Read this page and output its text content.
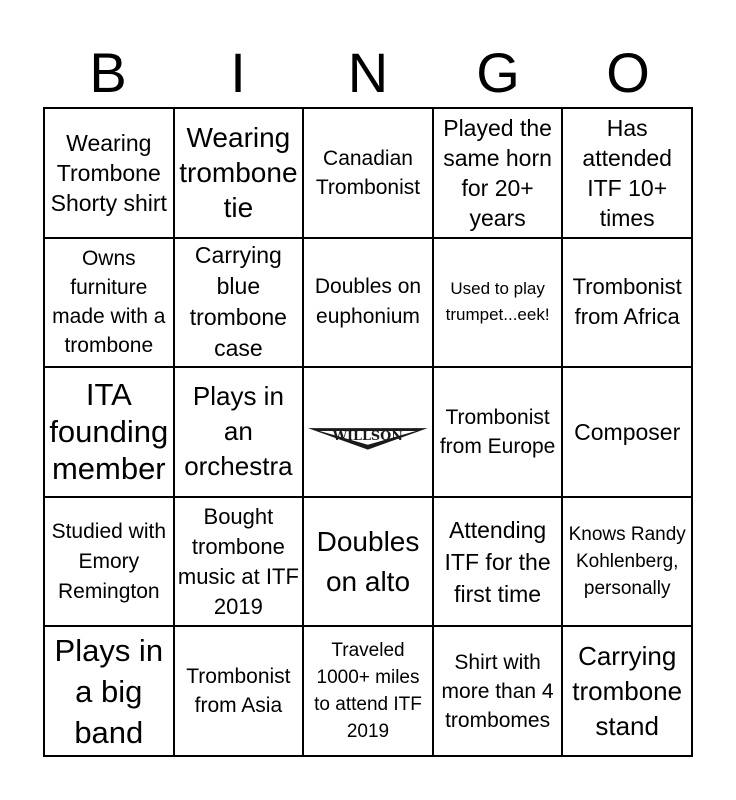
B	I	N	G	O
Wearing Trombone Shorty shirt
Wearing trombone tie
Canadian Trombonist
Played the same horn for 20+ years
Has attended ITF 10+ times
Owns furniture made with a trombone
Carrying blue trombone case
Doubles on euphonium
Used to play trumpet...eek!
Trombonist from Africa
ITA founding member
Plays in an orchestra
WILLSON
Trombonist from Europe
Composer
Studied with Emory Remington
Bought trombone music at ITF 2019
Doubles on alto
Attending ITF for the first time
Knows Randy Kohlenberg, personally
Plays in a big band
Trombonist from Asia
Traveled 1000+ miles to attend ITF 2019
Shirt with more than 4 trombomes
Carrying trombone stand
